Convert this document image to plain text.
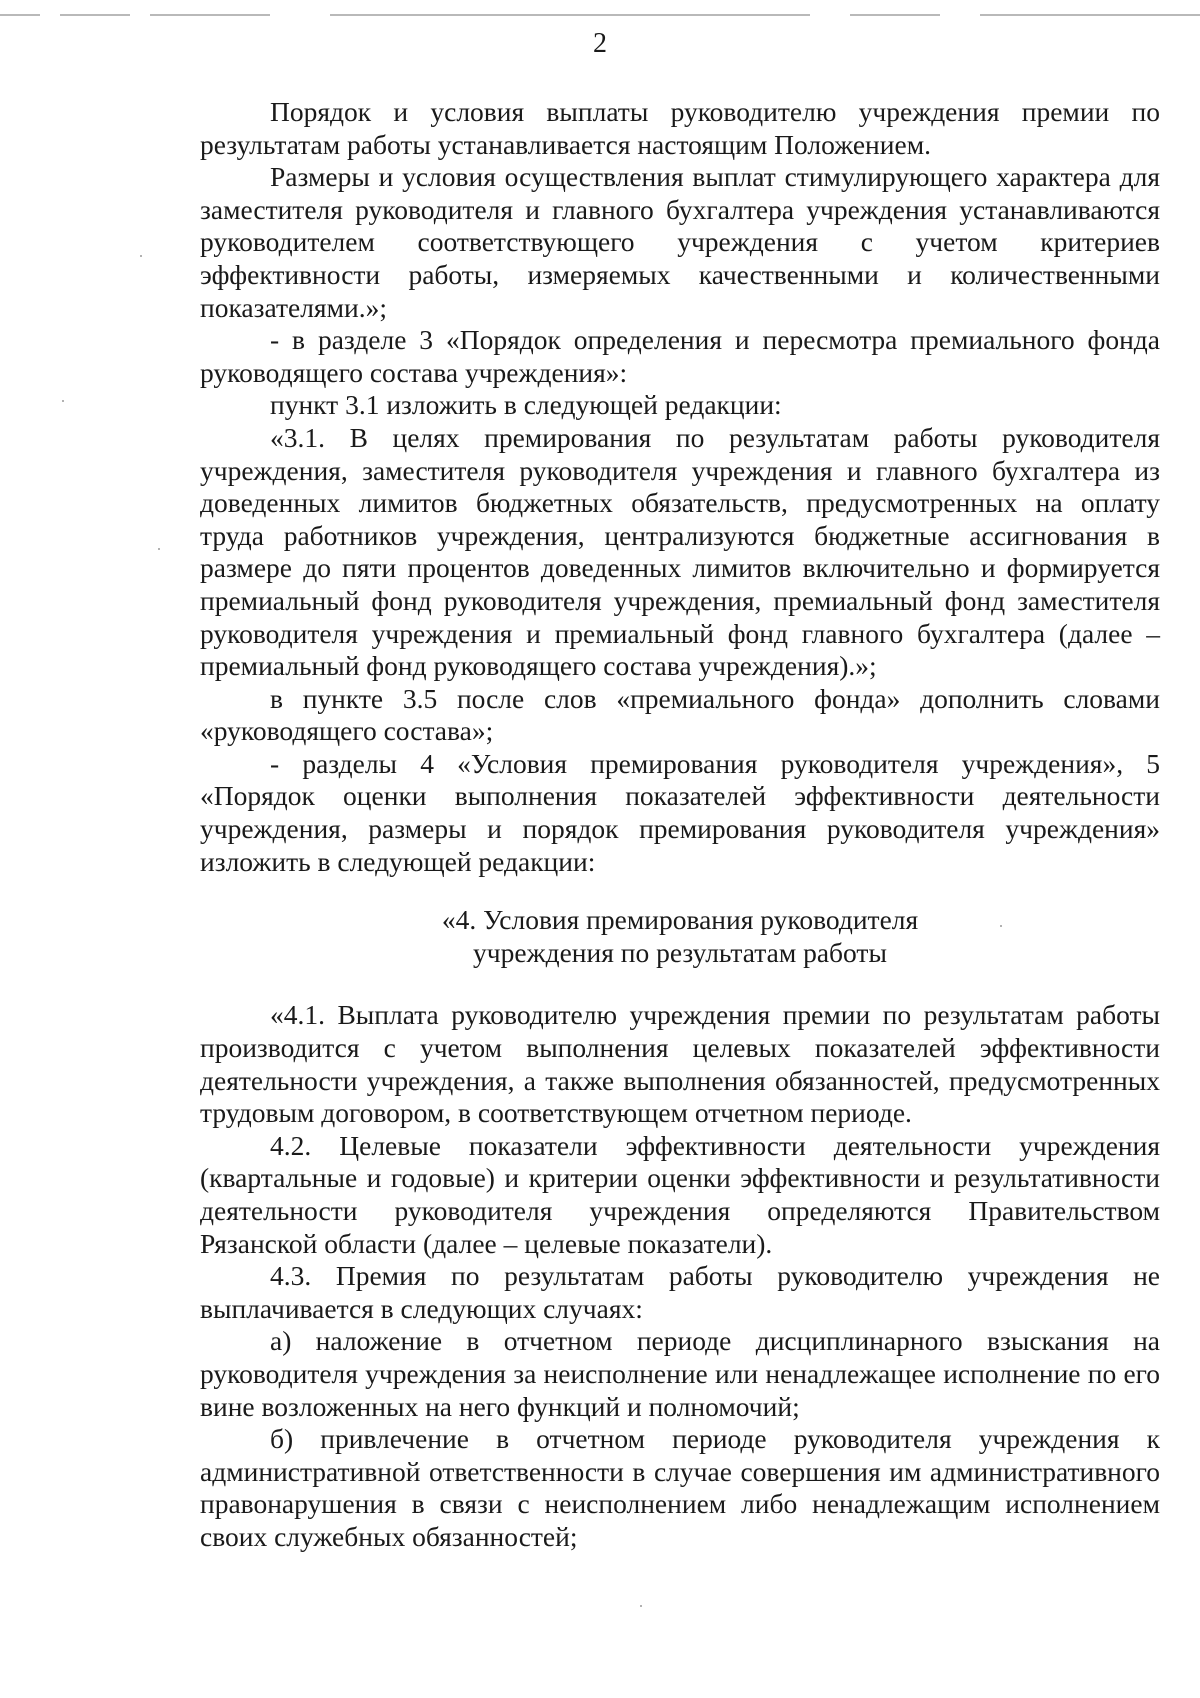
2

Порядок и условия выплаты руководителю учреждения премии по результатам работы устанавливается настоящим Положением.

Размеры и условия осуществления выплат стимулирующего характера для заместителя руководителя и главного бухгалтера учреждения устанавливаются руководителем соответствующего учреждения с учетом критериев эффективности работы, измеряемых качественными и количественными показателями.»;

- в разделе 3 «Порядок определения и пересмотра премиального фонда руководящего состава учреждения»:

пункт 3.1 изложить в следующей редакции:

«3.1. В целях премирования по результатам работы руководителя учреждения, заместителя руководителя учреждения и главного бухгалтера из доведенных лимитов бюджетных обязательств, предусмотренных на оплату труда работников учреждения, централизуются бюджетные ассигнования в размере до пяти процентов доведенных лимитов включительно и формируется премиальный фонд руководителя учреждения, премиальный фонд заместителя руководителя учреждения и премиальный фонд главного бухгалтера (далее – премиальный фонд руководящего состава учреждения).»;

в пункте 3.5 после слов «премиального фонда» дополнить словами «руководящего состава»;

- разделы 4 «Условия премирования руководителя учреждения», 5 «Порядок оценки выполнения показателей эффективности деятельности учреждения, размеры и порядок премирования руководителя учреждения» изложить в следующей редакции:

«4. Условия премирования руководителя
учреждения по результатам работы

«4.1. Выплата руководителю учреждения премии по результатам работы производится с учетом выполнения целевых показателей эффективности деятельности учреждения, а также выполнения обязанностей, предусмотренных трудовым договором, в соответствующем отчетном периоде.

4.2. Целевые показатели эффективности деятельности учреждения (квартальные и годовые) и критерии оценки эффективности и результативности деятельности руководителя учреждения определяются Правительством Рязанской области (далее – целевые показатели).

4.3. Премия по результатам работы руководителю учреждения не выплачивается в следующих случаях:

а) наложение в отчетном периоде дисциплинарного взыскания на руководителя учреждения за неисполнение или ненадлежащее исполнение по его вине возложенных на него функций и полномочий;

б) привлечение в отчетном периоде руководителя учреждения к административной ответственности в случае совершения им административного правонарушения в связи с неисполнением либо ненадлежащим исполнением своих служебных обязанностей;
